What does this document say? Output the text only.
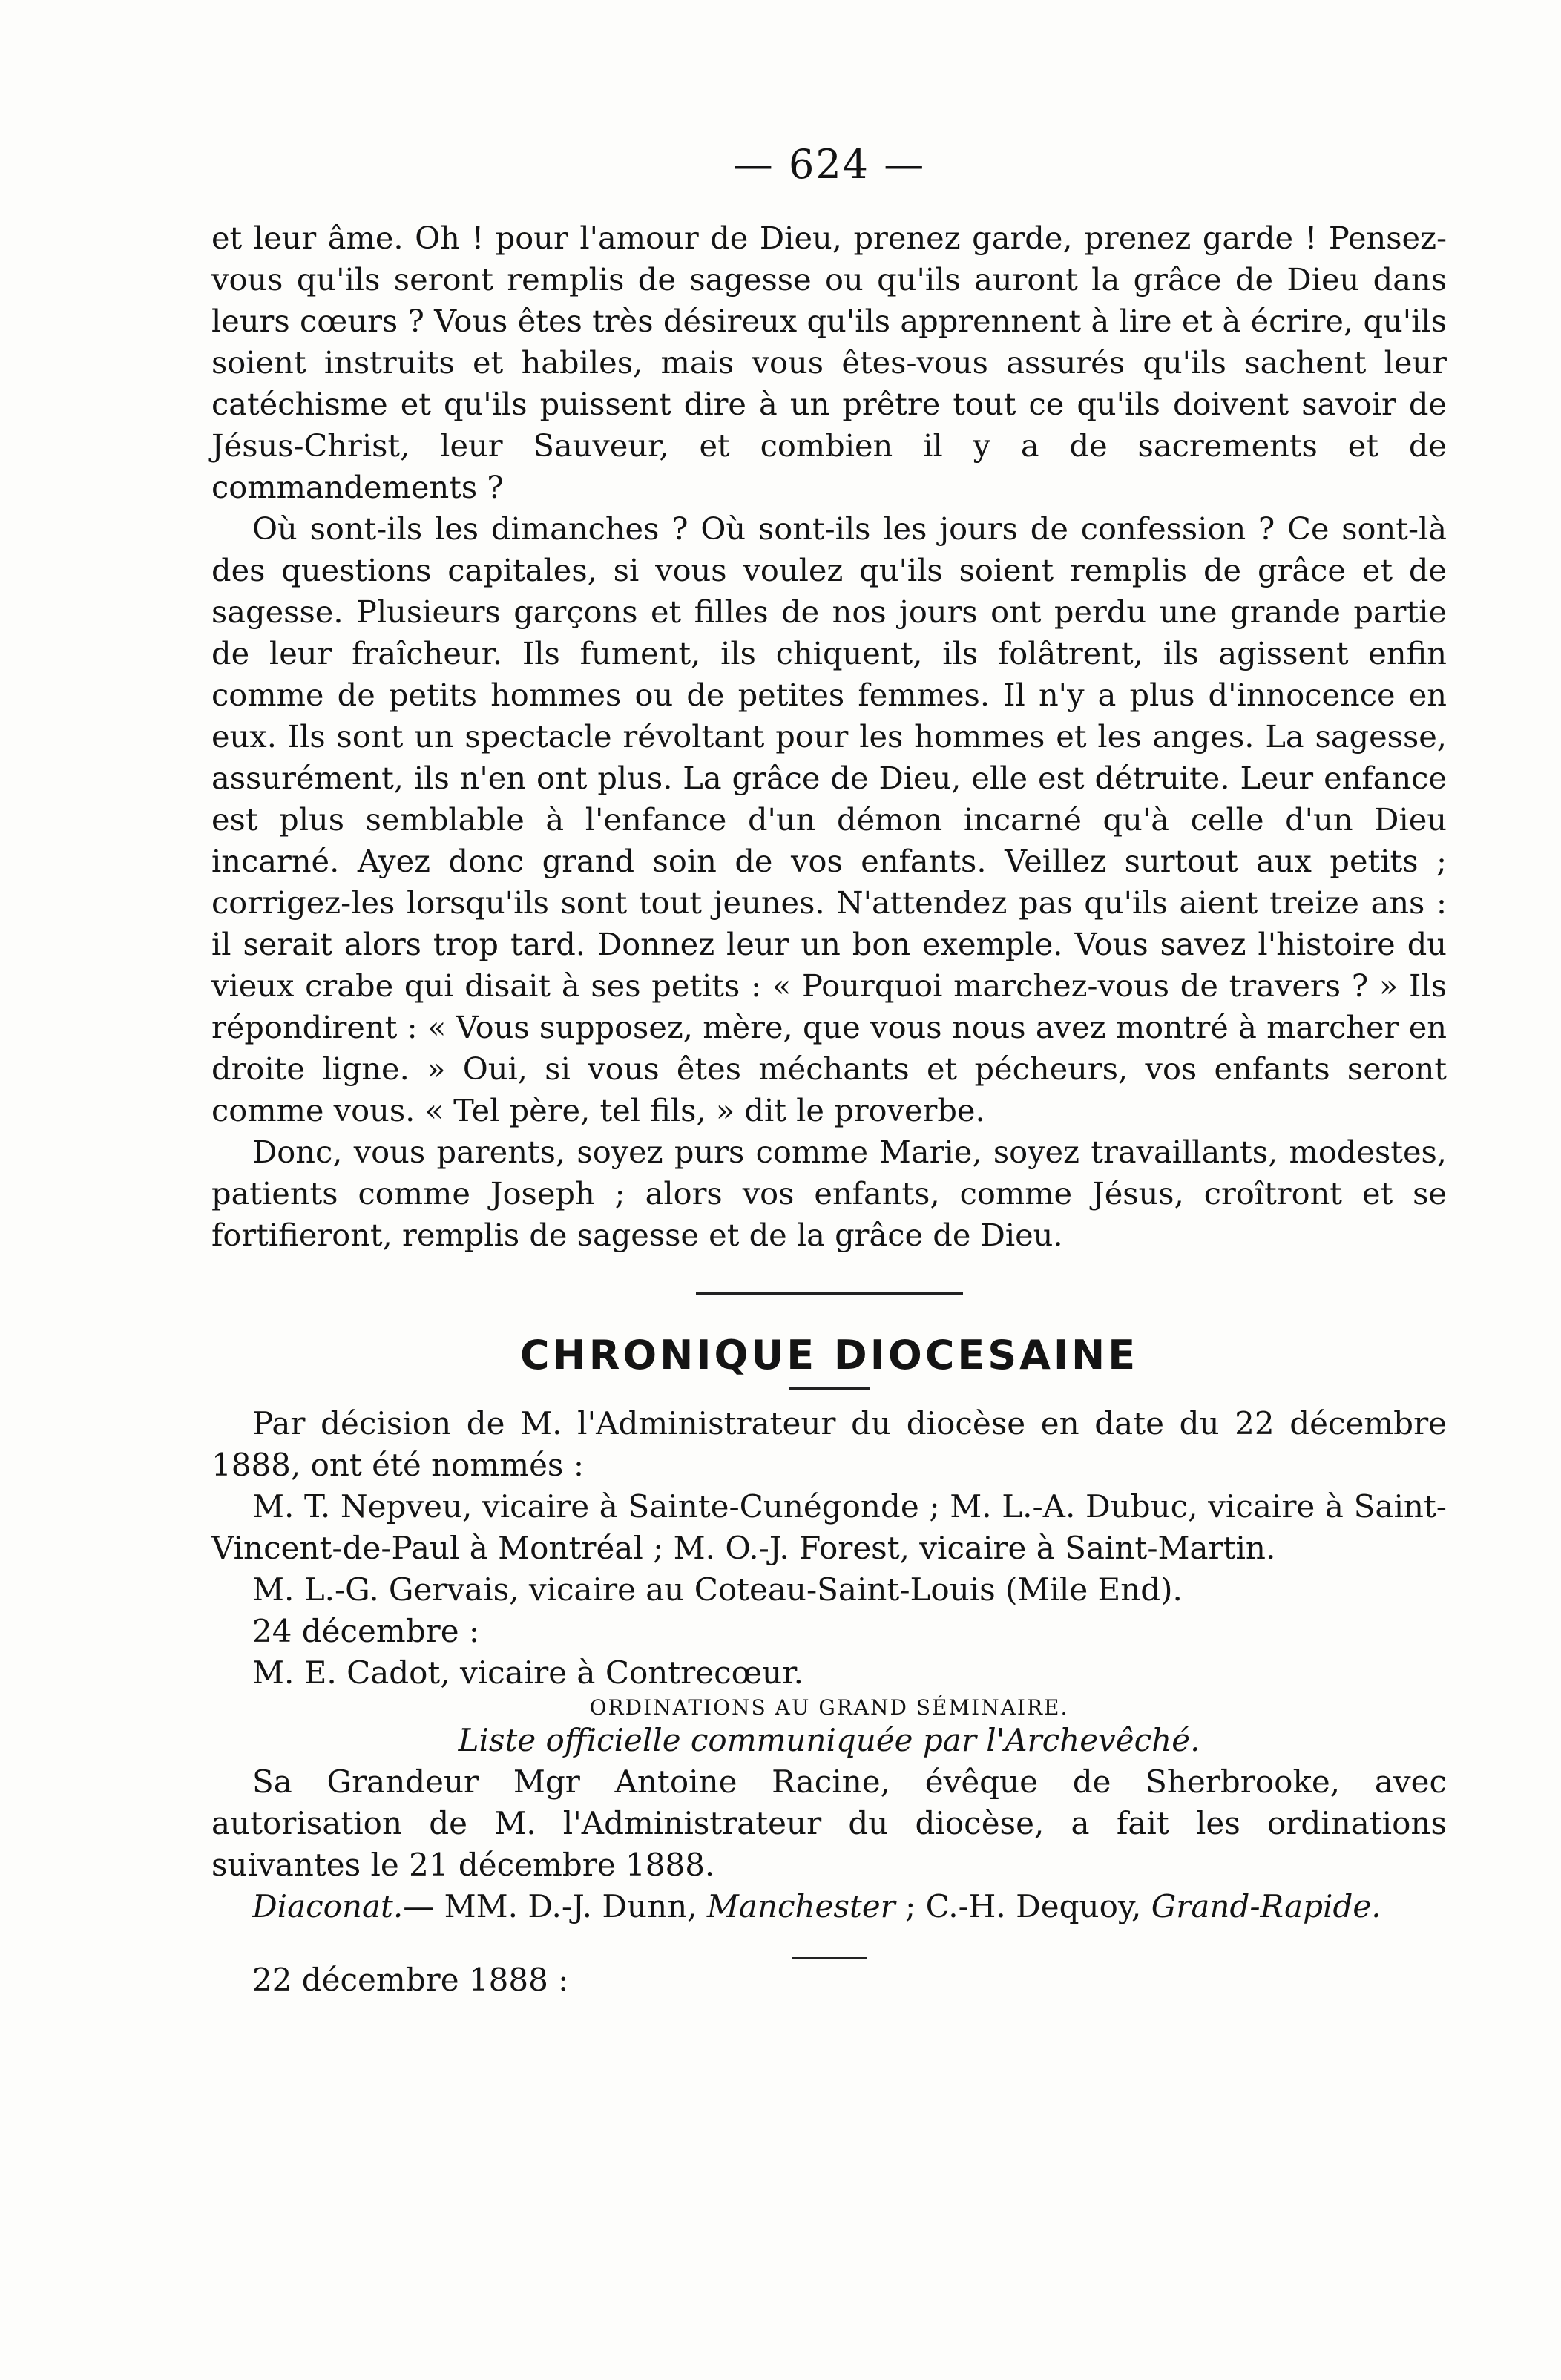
— 624 —

et leur âme. Oh ! pour l'amour de Dieu, prenez garde, prenez garde ! Pensez-vous qu'ils seront remplis de sagesse ou qu'ils auront la grâce de Dieu dans leurs cœurs ? Vous êtes très désireux qu'ils apprennent à lire et à écrire, qu'ils soient instruits et habiles, mais vous êtes-vous assurés qu'ils sachent leur catéchisme et qu'ils puissent dire à un prêtre tout ce qu'ils doivent savoir de Jésus-Christ, leur Sauveur, et combien il y a de sacrements et de commandements ?

Où sont-ils les dimanches ? Où sont-ils les jours de confession ? Ce sont-là des questions capitales, si vous voulez qu'ils soient remplis de grâce et de sagesse. Plusieurs garçons et filles de nos jours ont perdu une grande partie de leur fraîcheur. Ils fument, ils chiquent, ils folâtrent, ils agissent enfin comme de petits hommes ou de petites femmes. Il n'y a plus d'innocence en eux. Ils sont un spectacle révoltant pour les hommes et les anges. La sagesse, assurément, ils n'en ont plus. La grâce de Dieu, elle est détruite. Leur enfance est plus semblable à l'enfance d'un démon incarné qu'à celle d'un Dieu incarné. Ayez donc grand soin de vos enfants. Veillez surtout aux petits ; corrigez-les lorsqu'ils sont tout jeunes. N'attendez pas qu'ils aient treize ans : il serait alors trop tard. Donnez leur un bon exemple. Vous savez l'histoire du vieux crabe qui disait à ses petits : « Pourquoi marchez-vous de travers ? » Ils répondirent : « Vous supposez, mère, que vous nous avez montré à marcher en droite ligne. » Oui, si vous êtes méchants et pécheurs, vos enfants seront comme vous. « Tel père, tel fils, » dit le proverbe.

Donc, vous parents, soyez purs comme Marie, soyez travaillants, modestes, patients comme Joseph ; alors vos enfants, comme Jésus, croîtront et se fortifieront, remplis de sagesse et de la grâce de Dieu.

CHRONIQUE DIOCESAINE

Par décision de M. l'Administrateur du diocèse en date du 22 décembre 1888, ont été nommés :

M. T. Nepveu, vicaire à Sainte-Cunégonde ; M. L.-A. Dubuc, vicaire à Saint-Vincent-de-Paul à Montréal ; M. O.-J. Forest, vicaire à Saint-Martin.

M. L.-G. Gervais, vicaire au Coteau-Saint-Louis (Mile End).

24 décembre :

M. E. Cadot, vicaire à Contrecœur.

ORDINATIONS AU GRAND SÉMINAIRE.
Liste officielle communiquée par l'Archevêché.

Sa Grandeur Mgr Antoine Racine, évêque de Sherbrooke, avec autorisation de M. l'Administrateur du diocèse, a fait les ordinations suivantes le 21 décembre 1888.

Diaconat.— MM. D.-J. Dunn, Manchester ; C.-H. Dequoy, Grand-Rapide.

22 décembre 1888 :
